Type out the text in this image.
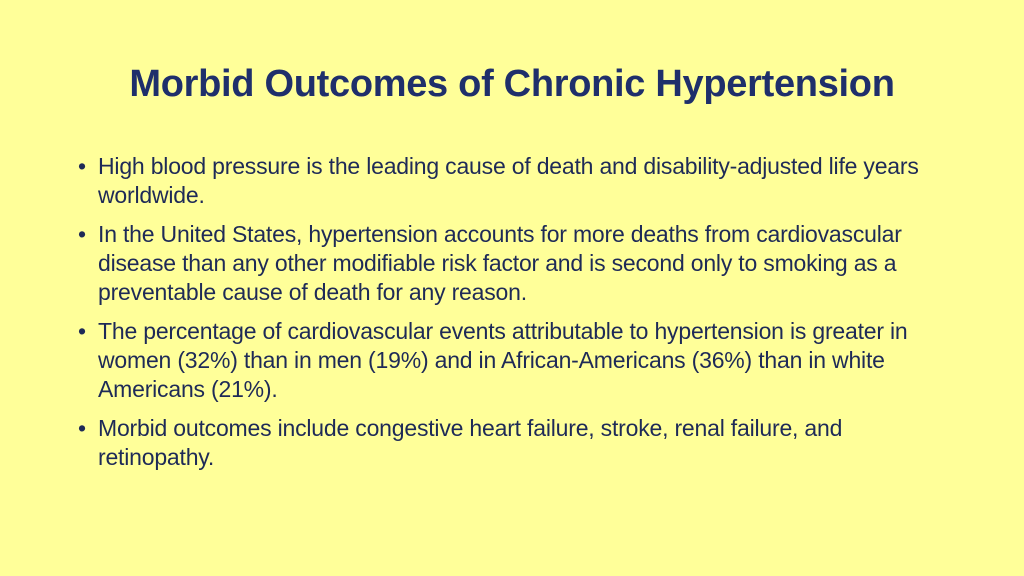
Morbid Outcomes of Chronic Hypertension
• High blood pressure is the leading cause of death and disability-adjusted life years worldwide.
• In the United States, hypertension accounts for more deaths from cardiovascular disease than any other modifiable risk factor and is second only to smoking as a preventable cause of death for any reason.
• The percentage of cardiovascular events attributable to hypertension is greater in women (32%) than in men (19%) and in African-Americans (36%) than in white Americans (21%).
• Morbid outcomes include congestive heart failure, stroke, renal failure, and retinopathy.
